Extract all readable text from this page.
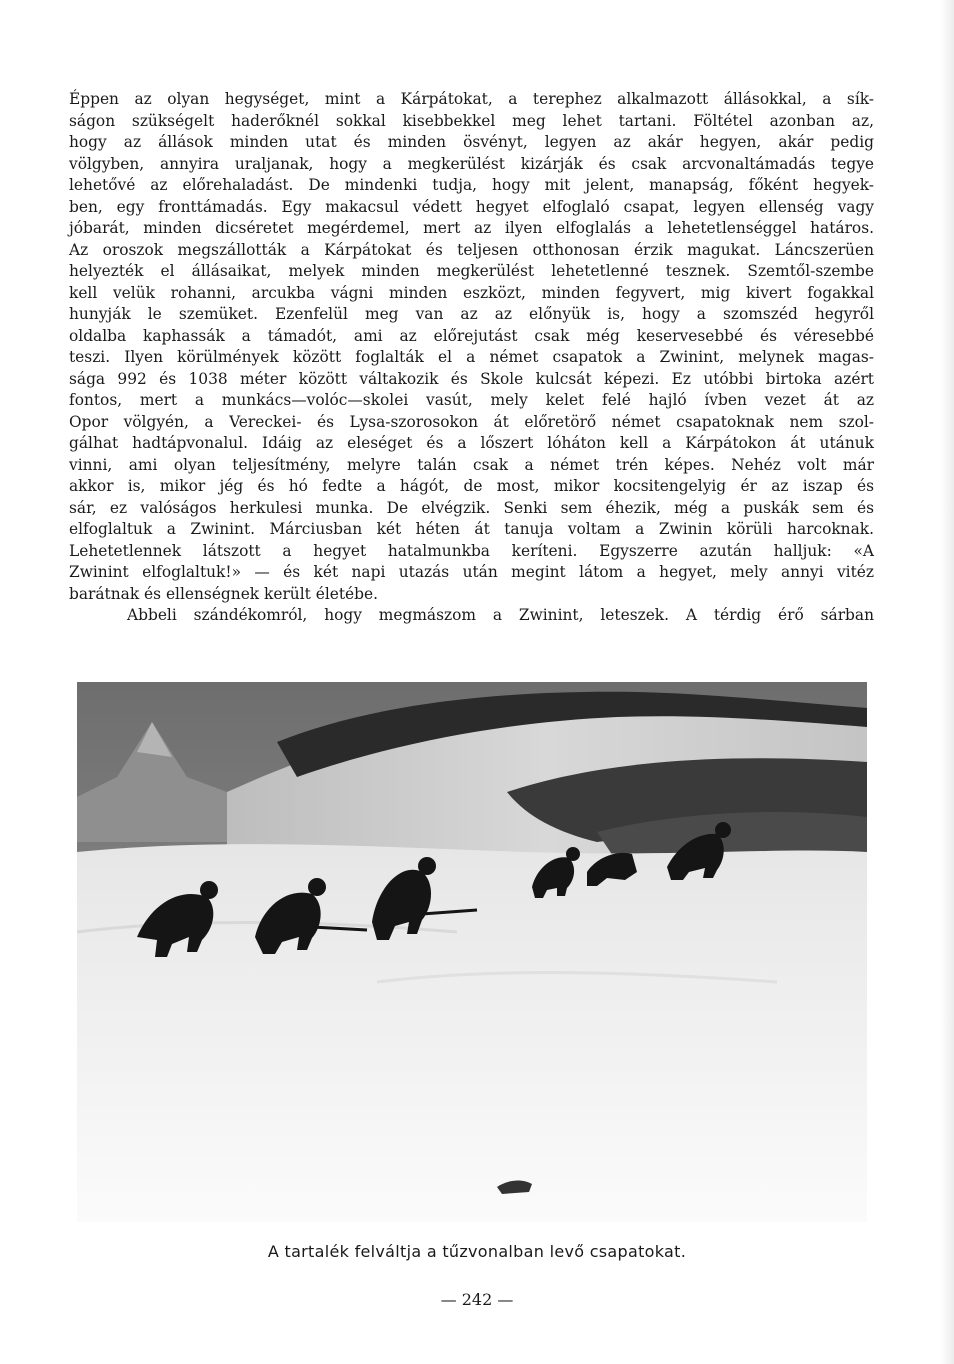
Éppen az olyan hegységet, mint a Kárpátokat, a terephez alkalmazott állásokkal, a sík-
ságon szükségelt haderőknél sokkal kisebbekkel meg lehet tartani. Föltétel azonban az,
hogy az állások minden utat és minden ösvényt, legyen az akár hegyen, akár pedig
völgyben, annyira uraljanak, hogy a megkerülést kizárják és csak arcvonaltámadás tegye
lehetővé az előrehaladást. De mindenki tudja, hogy mit jelent, manapság, főként hegyek-
ben, egy fronttámadás. Egy makacsul védett hegyet elfoglaló csapat, legyen ellenség vagy
jóbarát, minden dicséretet megérdemel, mert az ilyen elfoglalás a lehetetlenséggel határos.
Az oroszok megszállották a Kárpátokat és teljesen otthonosan érzik magukat. Láncszerüen
helyezték el állásaikat, melyek minden megkerülést lehetetlenné tesznek. Szemtől-szembe
kell velük rohanni, arcukba vágni minden eszközt, minden fegyvert, mig kivert fogakkal
hunyják le szemüket. Ezenfelül meg van az az előnyük is, hogy a szomszéd hegyről
oldalba kaphassák a támadót, ami az előrejutást csak még keservesebbé és véresebbé
teszi. Ilyen körülmények között foglalták el a német csapatok a Zwinint, melynek magas-
sága 992 és 1038 méter között váltakozik és Skole kulcsát képezi. Ez utóbbi birtoka azért
fontos, mert a munkács—volóc—skolei vasút, mely kelet felé hajló ívben vezet át az
Opor völgyén, a Vereckei- és Lysa-szorosokon át előretörő német csapatoknak nem szol-
gálhat hadtápvonalul. Idáig az eleséget és a lőszert lóháton kell a Kárpátokon át utánuk
vinni, ami olyan teljesítmény, melyre talán csak a német trén képes. Nehéz volt már
akkor is, mikor jég és hó fedte a hágót, de most, mikor kocsitengelyig ér az iszap és
sár, ez valóságos herkulesi munka. De elvégzik. Senki sem éhezik, még a puskák sem és
elfoglaltuk a Zwinint. Márciusban két héten át tanuja voltam a Zwinin körüli harcoknak.
Lehetetlennek látszott a hegyet hatalmunkba keríteni. Egyszerre azután halljuk: «A
Zwinint elfoglaltuk!» — és két napi utazás után megint látom a hegyet, mely annyi vitéz
barátnak és ellenségnek került életébe.
Abbeli szándékomról, hogy megmászom a Zwinint, leteszek. A térdig érő sárban
A tartalék felváltja a tűzvonalban levő csapatokat.
— 242 —
